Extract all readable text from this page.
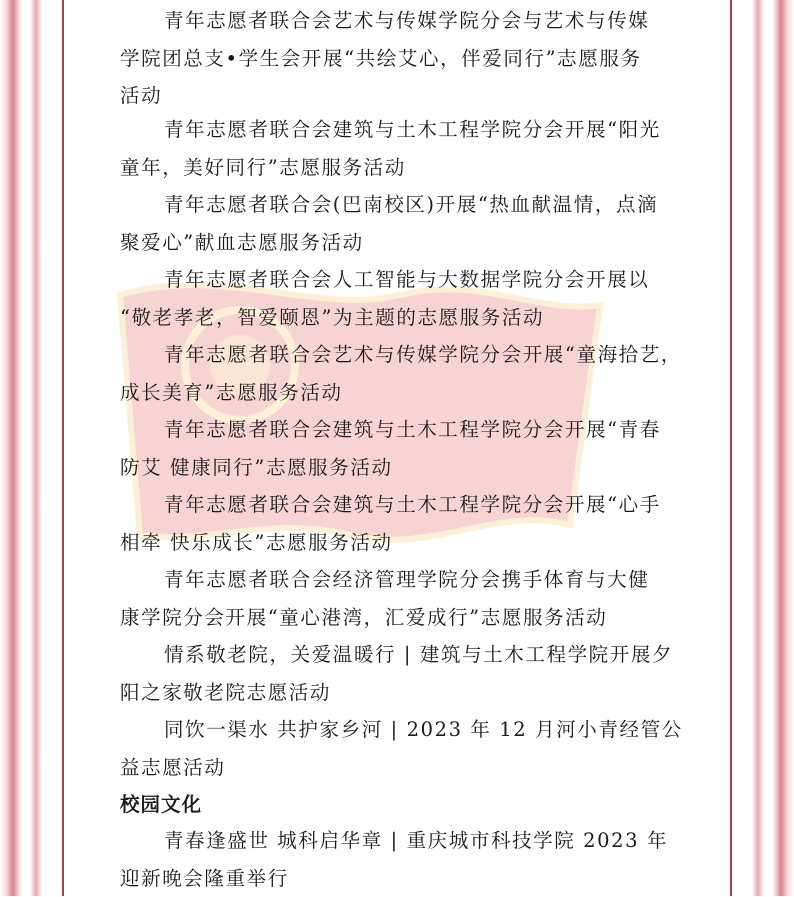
青年志愿者联合会艺术与传媒学院分会与艺术与传媒
学院团总支•学生会开展“共绘艾心，伴爱同行”志愿服务
活动
青年志愿者联合会建筑与土木工程学院分会开展“阳光
童年，美好同行”志愿服务活动
青年志愿者联合会(巴南校区)开展“热血献温情，点滴
聚爱心”献血志愿服务活动
青年志愿者联合会人工智能与大数据学院分会开展以
“敬老孝老，智爱颐恩”为主题的志愿服务活动
青年志愿者联合会艺术与传媒学院分会开展“童海拾艺，
成长美育”志愿服务活动
青年志愿者联合会建筑与土木工程学院分会开展“青春
防艾 健康同行”志愿服务活动
青年志愿者联合会建筑与土木工程学院分会开展“心手
相牵 快乐成长”志愿服务活动
青年志愿者联合会经济管理学院分会携手体育与大健
康学院分会开展“童心港湾，汇爱成行”志愿服务活动
情系敬老院，关爱温暖行 | 建筑与土木工程学院开展夕
阳之家敬老院志愿活动
同饮一渠水 共护家乡河 | 2023 年 12 月河小青经管公
益志愿活动
校园文化
青春逢盛世 城科启华章 | 重庆城市科技学院 2023 年
迎新晚会隆重举行
